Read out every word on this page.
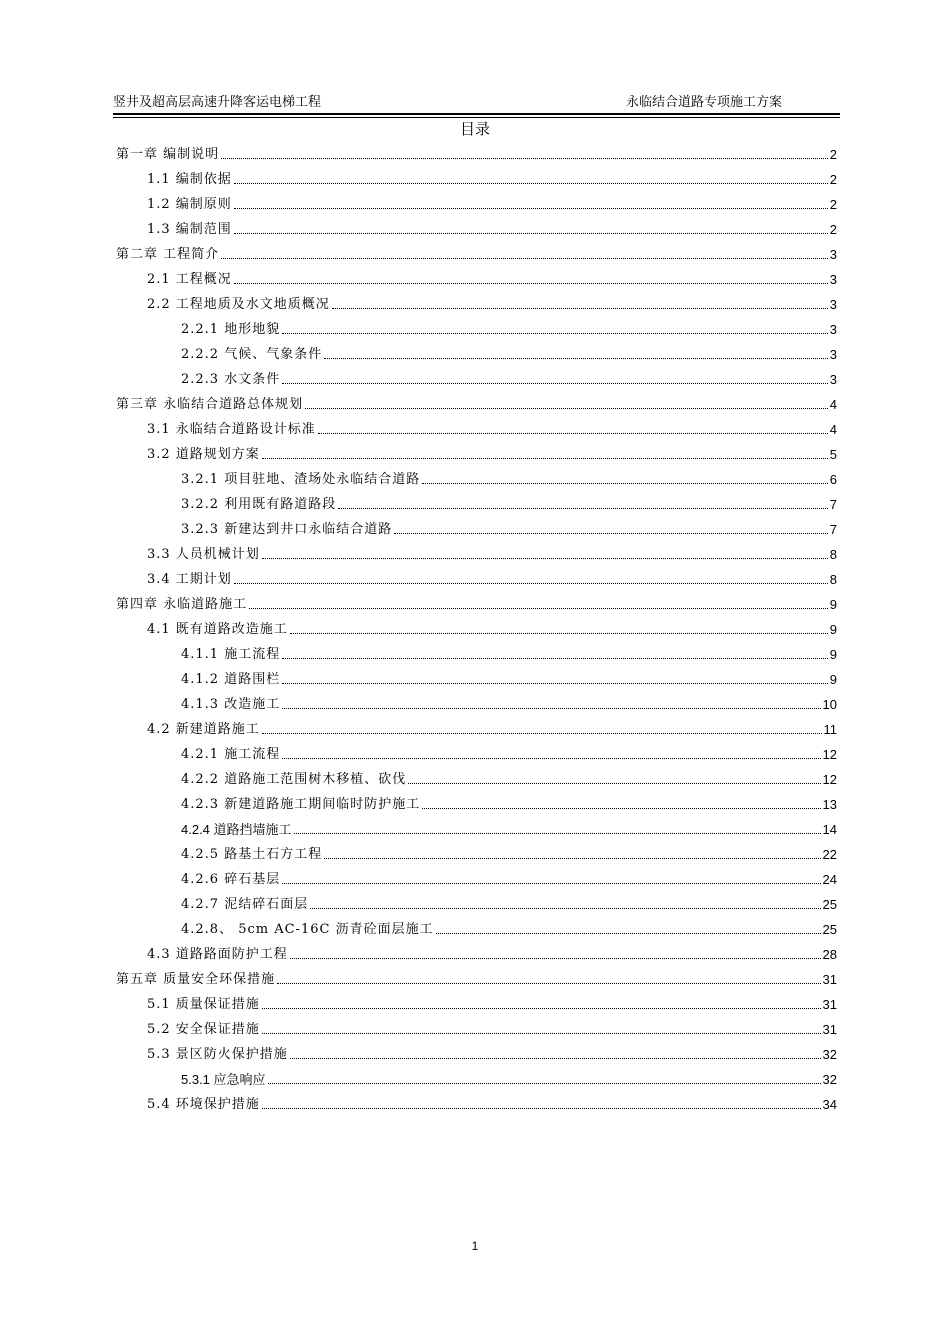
竖井及超高层高速升降客运电梯工程	永临结合道路专项施工方案
目录
第一章 编制说明	2
1.1 编制依据	2
1.2 编制原则	2
1.3 编制范围	2
第二章 工程简介	3
2.1 工程概况	3
2.2 工程地质及水文地质概况	3
2.2.1 地形地貌	3
2.2.2 气候、气象条件	3
2.2.3 水文条件	3
第三章 永临结合道路总体规划	4
3.1 永临结合道路设计标准	4
3.2 道路规划方案	5
3.2.1 项目驻地、渣场处永临结合道路	6
3.2.2 利用既有路道路段	7
3.2.3 新建达到井口永临结合道路	7
3.3 人员机械计划	8
3.4 工期计划	8
第四章 永临道路施工	9
4.1 既有道路改造施工	9
4.1.1 施工流程	9
4.1.2 道路围栏	9
4.1.3 改造施工	10
4.2 新建道路施工	11
4.2.1 施工流程	12
4.2.2 道路施工范围树木移植、砍伐	12
4.2.3 新建道路施工期间临时防护施工	13
4.2.4 道路挡墙施工	14
4.2.5 路基土石方工程	22
4.2.6 碎石基层	24
4.2.7 泥结碎石面层	25
4.2.8、 5cm AC-16C 沥青砼面层施工	25
4.3 道路路面防护工程	28
第五章 质量安全环保措施	31
5.1 质量保证措施	31
5.2 安全保证措施	31
5.3 景区防火保护措施	32
5.3.1 应急响应	32
5.4 环境保护措施	34
1
